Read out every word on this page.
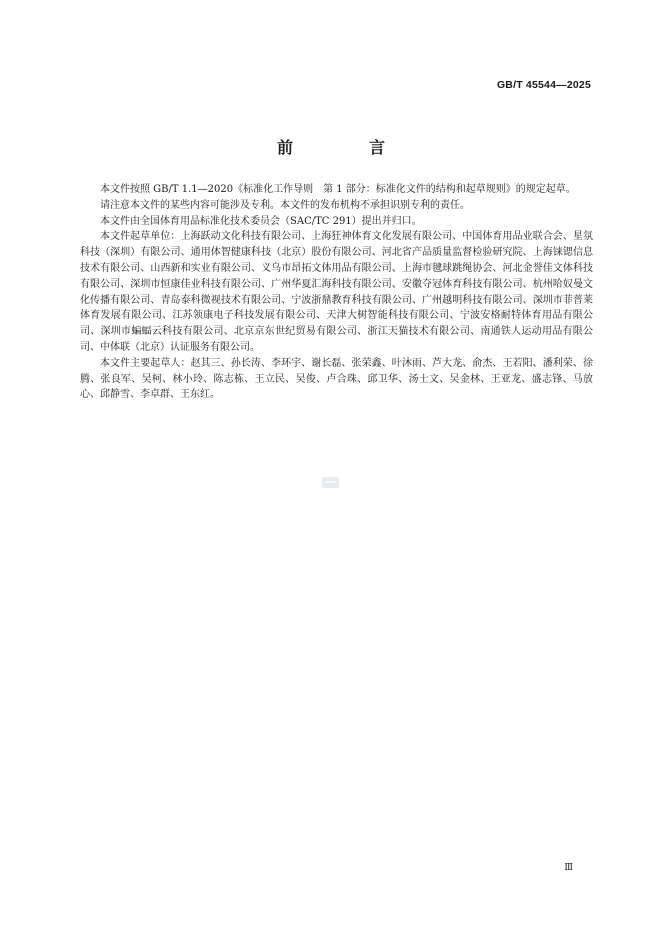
GB/T 45544—2025
前　言

本文件按照 GB/T 1.1—2020《标准化工作导则　第 1 部分：标准化文件的结构和起草规则》的规定起草。

请注意本文件的某些内容可能涉及专利。本文件的发布机构不承担识别专利的责任。

本文件由全国体育用品标准化技术委员会（SAC/TC 291）提出并归口。

本文件起草单位：上海跃动文化科技有限公司、上海狂神体育文化发展有限公司、中国体育用品业联合会、星氛科技（深圳）有限公司、通用体智健康科技（北京）股份有限公司、河北省产品质量监督检验研究院、上海铼锶信息技术有限公司、山西新和实业有限公司、义乌市昂拓文体用品有限公司、上海市毽球跳绳协会、河北金誉佳文体科技有限公司、深圳市恒康佳业科技有限公司、广州华夏汇海科技有限公司、安徽夺冠体育科技有限公司、杭州哈奴曼文化传播有限公司、青岛泰科微视技术有限公司、宁波浙鼎教育科技有限公司、广州越明科技有限公司、深圳市菲普莱体育发展有限公司、江苏领康电子科技发展有限公司、天津大树智能科技有限公司、宁波安格耐特体育用品有限公司、深圳市蝙蝠云科技有限公司、北京京东世纪贸易有限公司、浙江天猫技术有限公司、南通铁人运动用品有限公司、中体联（北京）认证服务有限公司。

本文件主要起草人：赵其三、孙长涛、李环宇、谢长磊、张荣鑫、叶沐雨、芦大龙、俞杰、王若阳、潘利荣、徐腾、张良军、吴柯、林小玲、陈志栋、王立民、吴俊、卢合珠、邱卫华、汤士文、吴金林、王亚龙、盛志锋、马放心、邱静雪、李卓群、王东红。

Ⅲ
